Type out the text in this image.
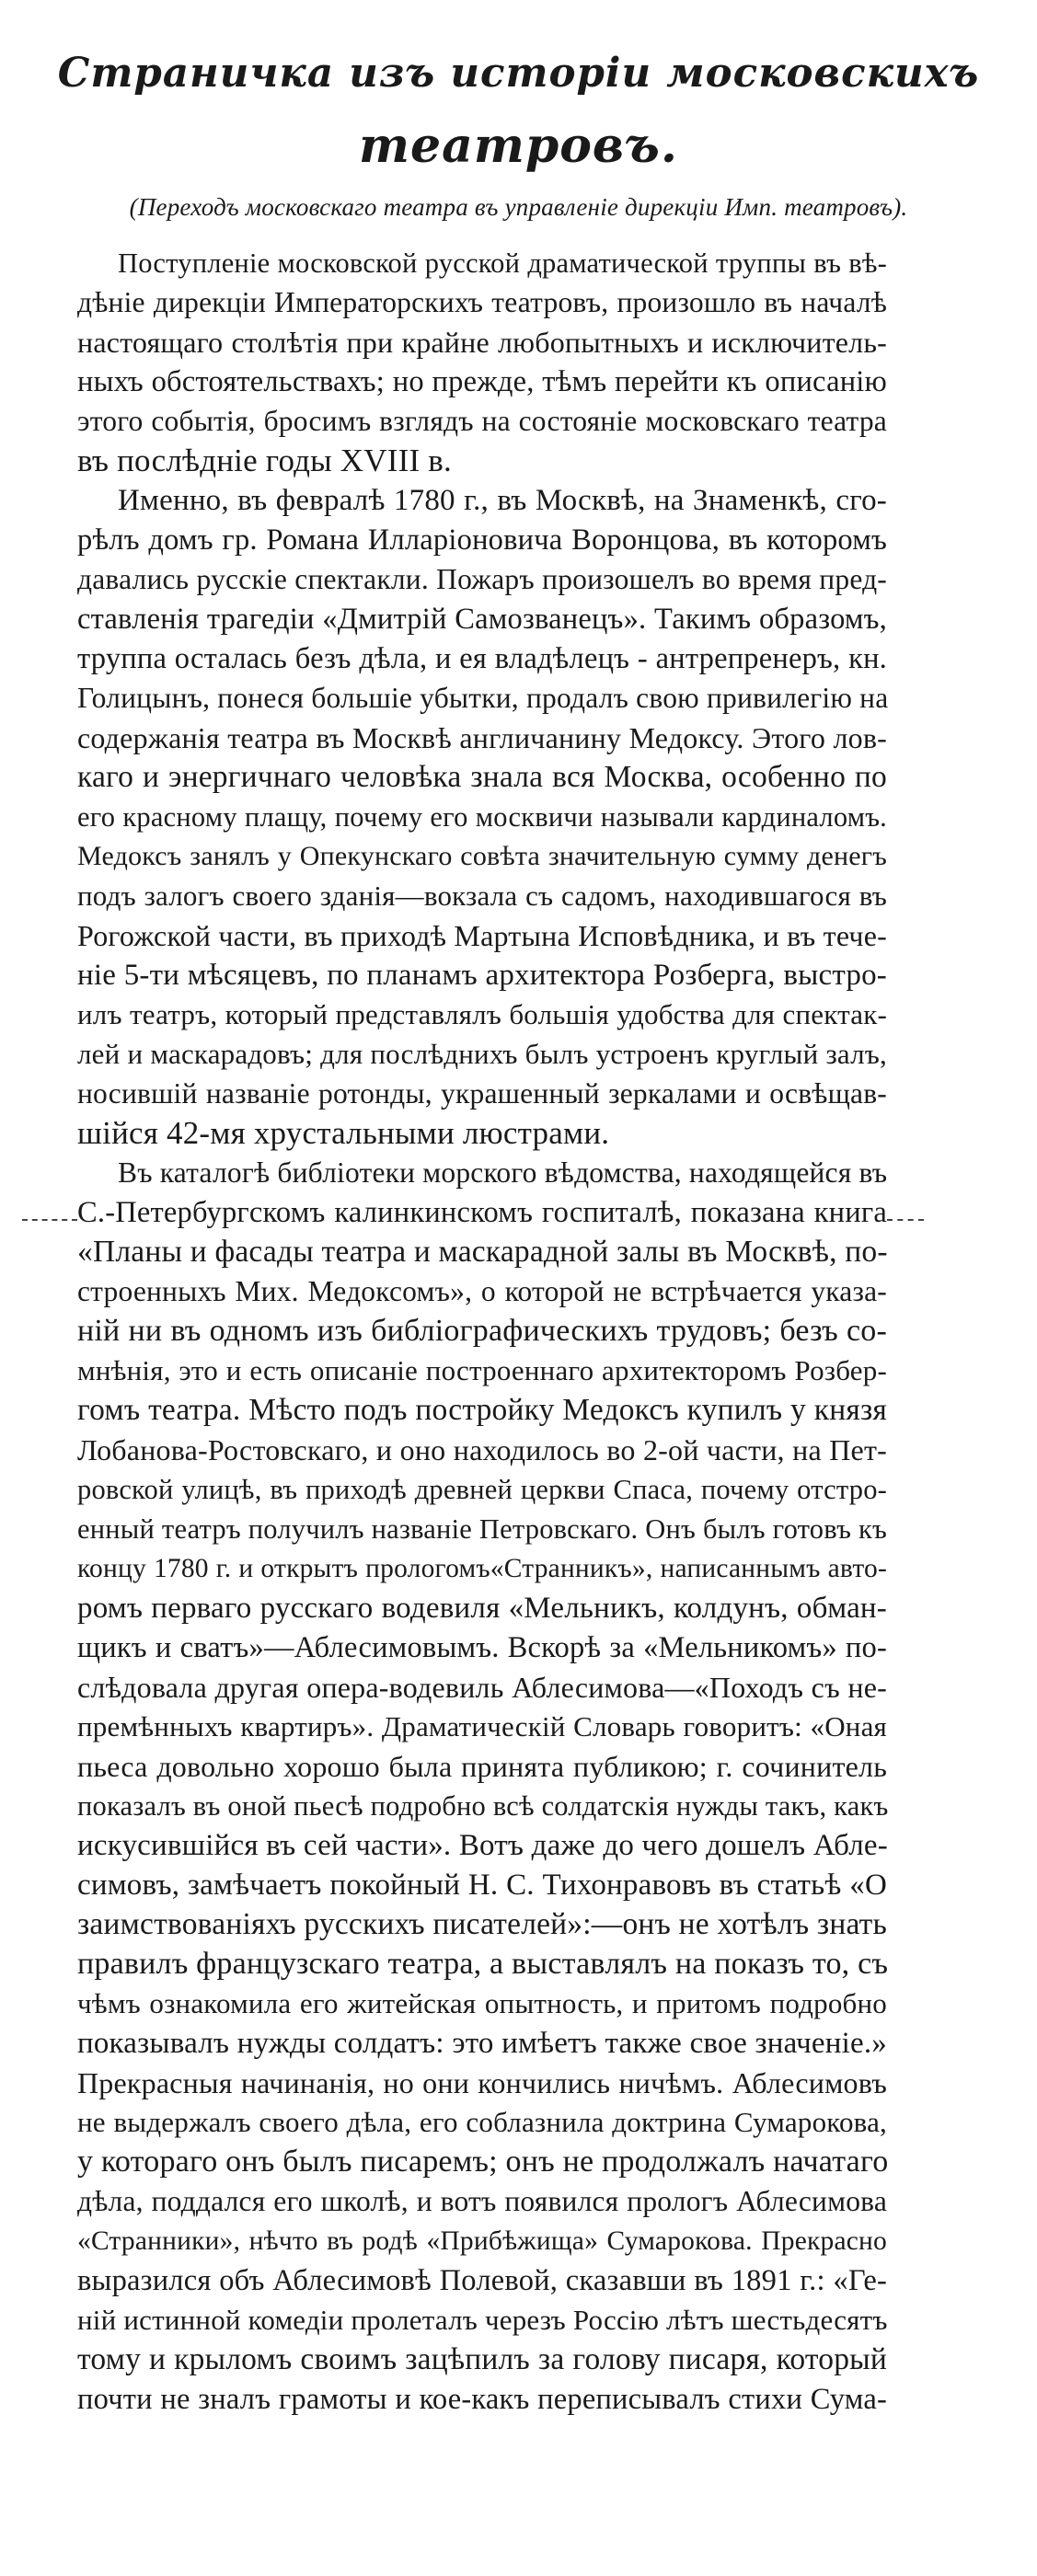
Страничка изъ исторіи московскихъ
театровъ.
(Переходъ московскаго театра въ управленіе дирекціи Имп. театровъ).
Поступленіе московской русской драматической труппы въ вѣ-
дѣніе дирекціи Императорскихъ театровъ, произошло въ началѣ
настоящаго столѣтія при крайне любопытныхъ и исключитель-
ныхъ обстоятельствахъ; но прежде, тѣмъ перейти къ описанію
этого событія, бросимъ взглядъ на состояніе московскаго театра
въ послѣдніе годы XVIII в.
Именно, въ февралѣ 1780 г., въ Москвѣ, на Знаменкѣ, сго-
рѣлъ домъ гр. Романа Илларіоновича Воронцова, въ которомъ
давались русскіе спектакли. Пожаръ произошелъ во время пред-
ставленія трагедіи «Дмитрій Самозванецъ». Такимъ образомъ,
труппа осталась безъ дѣла, и ея владѣлецъ - антрепренеръ, кн.
Голицынъ, понеся большіе убытки, продалъ свою привилегію на
содержанія театра въ Москвѣ англичанину Медоксу. Этого лов-
каго и энергичнаго человѣка знала вся Москва, особенно по
его красному плащу, почему его москвичи называли кардиналомъ.
Медоксъ занялъ у Опекунскаго совѣта значительную сумму денегъ
подъ залогъ своего зданія—вокзала съ садомъ, находившагося въ
Рогожской части, въ приходѣ Мартына Исповѣдника, и въ тече-
ніе 5-ти мѣсяцевъ, по планамъ архитектора Розберга, выстро-
илъ театръ, который представлялъ большія удобства для спектак-
лей и маскарадовъ; для послѣднихъ былъ устроенъ круглый залъ,
носившій названіе ротонды, украшенный зеркалами и освѣщав-
шійся 42-мя хрустальными люстрами.
Въ каталогѣ библіотеки морского вѣдомства, находящейся въ
С.-Петербургскомъ калинкинскомъ госпиталѣ, показана книга
«Планы и фасады театра и маскарадной залы въ Москвѣ, по-
строенныхъ Мих. Медоксомъ», о которой не встрѣчается указа-
ній ни въ одномъ изъ библіографическихъ трудовъ; безъ со-
мнѣнія, это и есть описаніе построеннаго архитекторомъ Розбер-
гомъ театра. Мѣсто подъ постройку Медоксъ купилъ у князя
Лобанова-Ростовскаго, и оно находилось во 2-ой части, на Пет-
ровской улицѣ, въ приходѣ древней церкви Спаса, почему отстро-
енный театръ получилъ названіе Петровскаго. Онъ былъ готовъ къ
концу 1780 г. и открытъ прологомъ«Странникъ», написаннымъ авто-
ромъ перваго русскаго водевиля «Мельникъ, колдунъ, обман-
щикъ и сватъ»—Аблесимовымъ. Вскорѣ за «Мельникомъ» по-
слѣдовала другая опера-водевиль Аблесимова—«Походъ съ не-
премѣнныхъ квартиръ». Драматическій Словарь говоритъ: «Оная
пьеса довольно хорошо была принята публикою; г. сочинитель
показалъ въ оной пьесѣ подробно всѣ солдатскія нужды такъ, какъ
искусившійся въ сей части». Вотъ даже до чего дошелъ Абле-
симовъ, замѣчаетъ покойный Н. С. Тихонравовъ въ статьѣ «О
заимствованіяхъ русскихъ писателей»:—онъ не хотѣлъ знать
правилъ французскаго театра, а выставлялъ на показъ то, съ
чѣмъ ознакомила его житейская опытность, и притомъ подробно
показывалъ нужды солдатъ: это имѣетъ также свое значеніе.»
Прекрасныя начинанія, но они кончились ничѣмъ. Аблесимовъ
не выдержалъ своего дѣла, его соблазнила доктрина Сумарокова,
у котораго онъ былъ писаремъ; онъ не продолжалъ начатаго
дѣла, поддался его школѣ, и вотъ появился прологъ Аблесимова
«Странники», нѣчто въ родѣ «Прибѣжища» Сумарокова. Прекрасно
выразился объ Аблесимовѣ Полевой, сказавши въ 1891 г.: «Ге-
ній истинной комедіи пролеталъ черезъ Россію лѣтъ шестьдесятъ
тому и крыломъ своимъ зацѣпилъ за голову писаря, который
почти не зналъ грамоты и кое-какъ переписывалъ стихи Сума-
